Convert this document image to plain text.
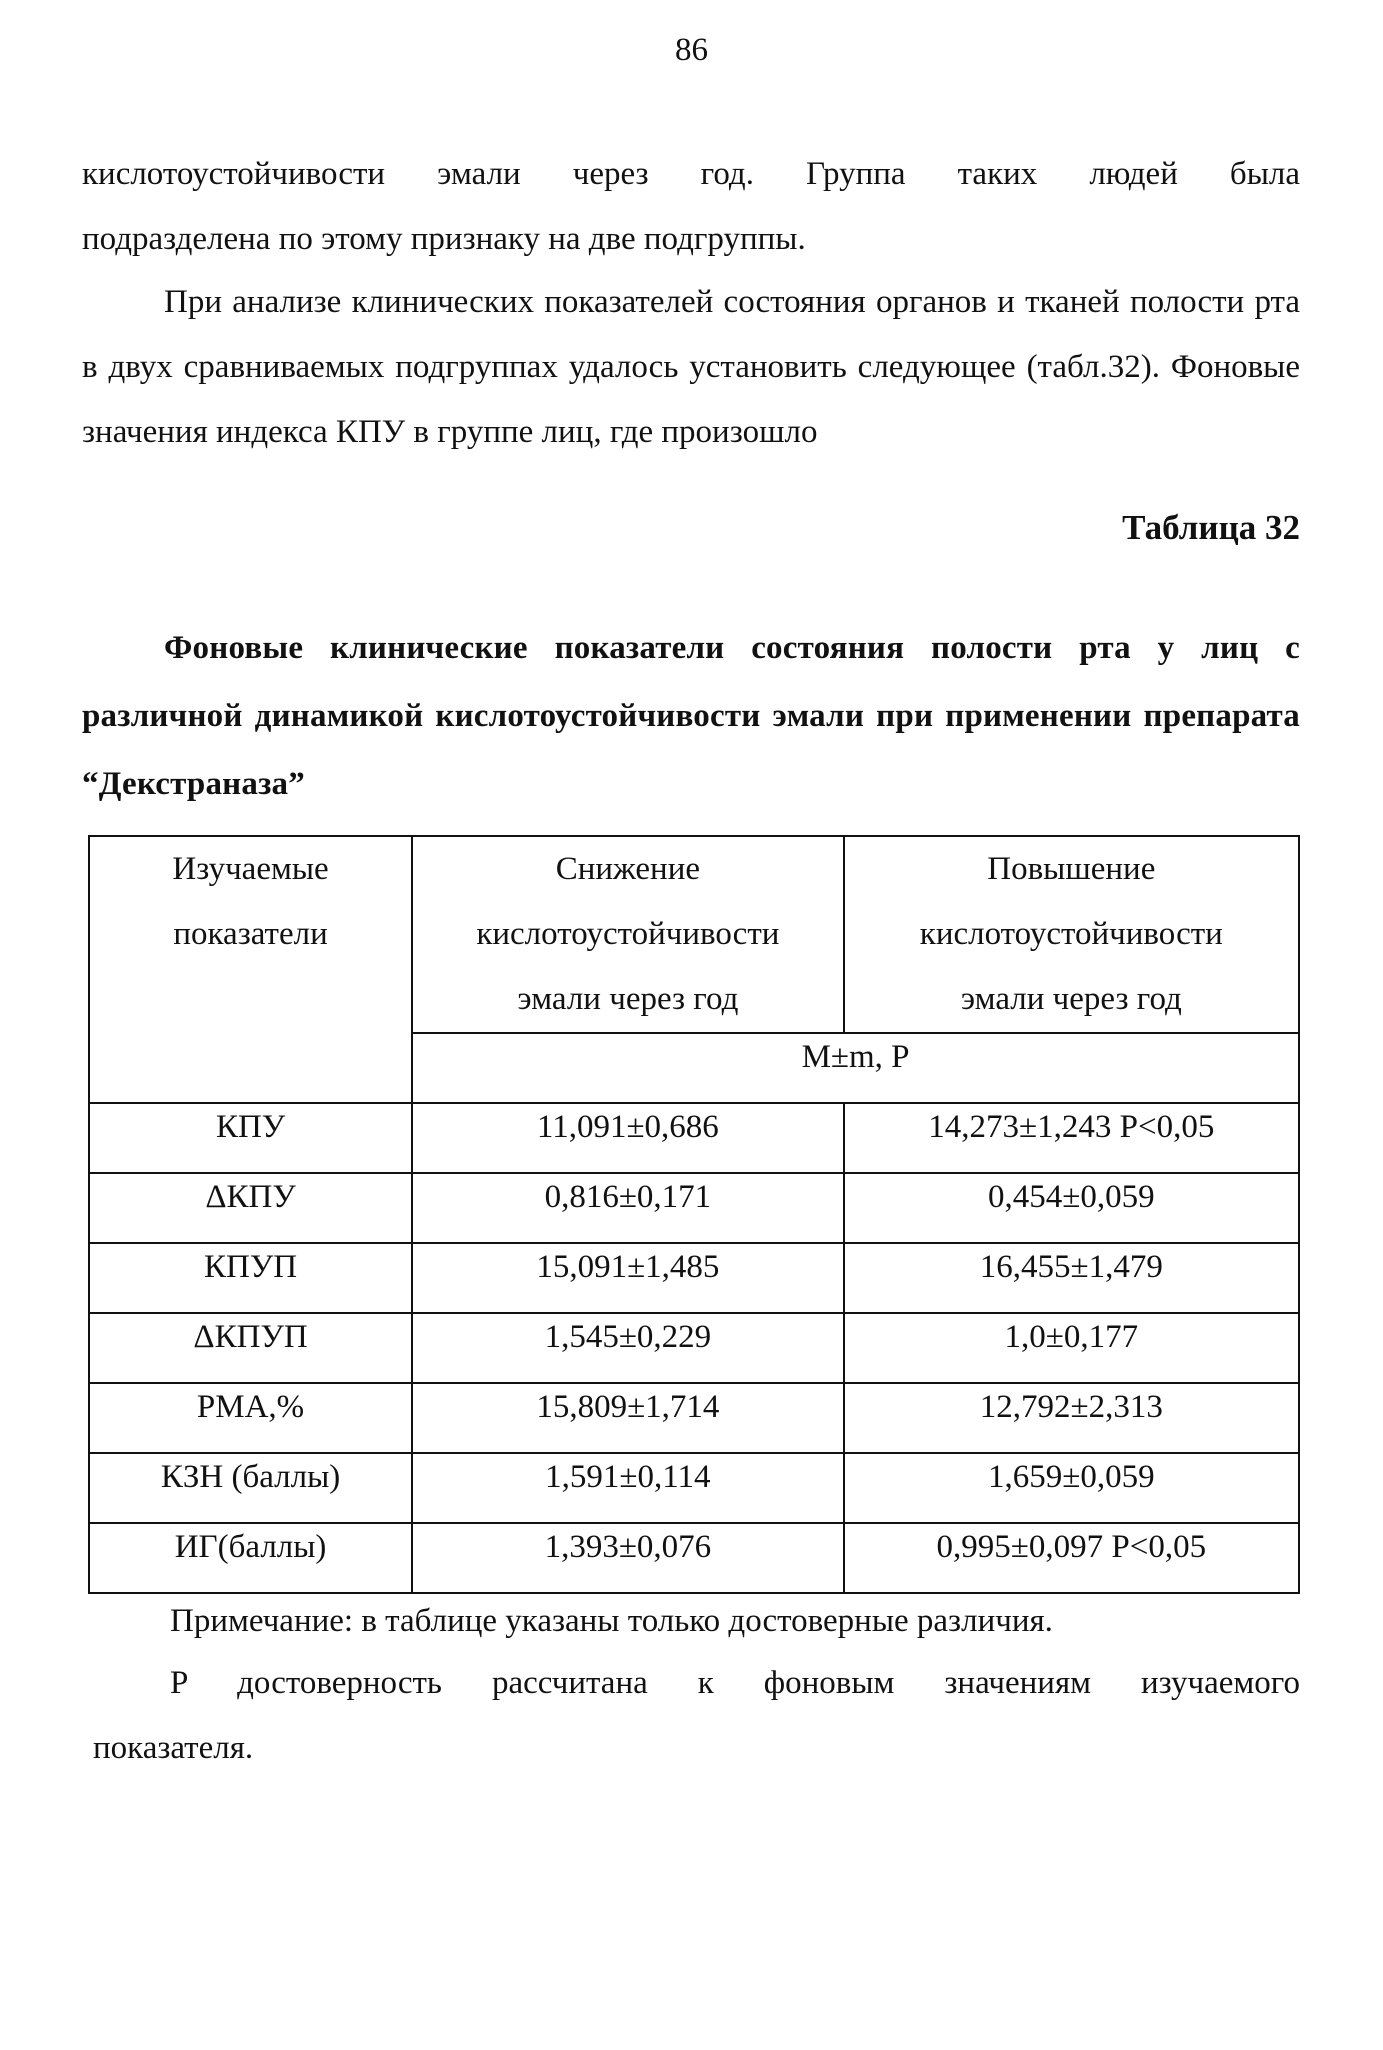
86
кислотоустойчивости эмали через год. Группа таких людей была
подразделена по этому признаку на две подгруппы.

При анализе клинических показателей состояния органов и тканей полости рта в двух сравниваемых подгруппах удалось установить следующее (табл.32). Фоновые значения индекса КПУ в группе лиц, где произошло

Таблица 32

Фоновые клинические показатели состояния полости рта у лиц с различной динамикой кислотоустойчивости эмали при применении препарата “Декстраназа”

Изучаемые показатели	Снижение кислотоустойчивости эмали через год	Повышение кислотоустойчивости эмали через год

	M±m, P	
КПУ	11,091±0,686	14,273±1,243 P<0,05
ΔКПУ	0,816±0,171	0,454±0,059
КПУП	15,091±1,485	16,455±1,479
ΔКПУП	1,545±0,229	1,0±0,177
PMA,%	15,809±1,714	12,792±2,313
КЗН (баллы)	1,591±0,114	1,659±0,059
ИГ(баллы)	1,393±0,076	0,995±0,097 P<0,05

Примечание: в таблице указаны только достоверные различия.

P достоверность рассчитана к фоновым значениям изучаемого

показателя.
